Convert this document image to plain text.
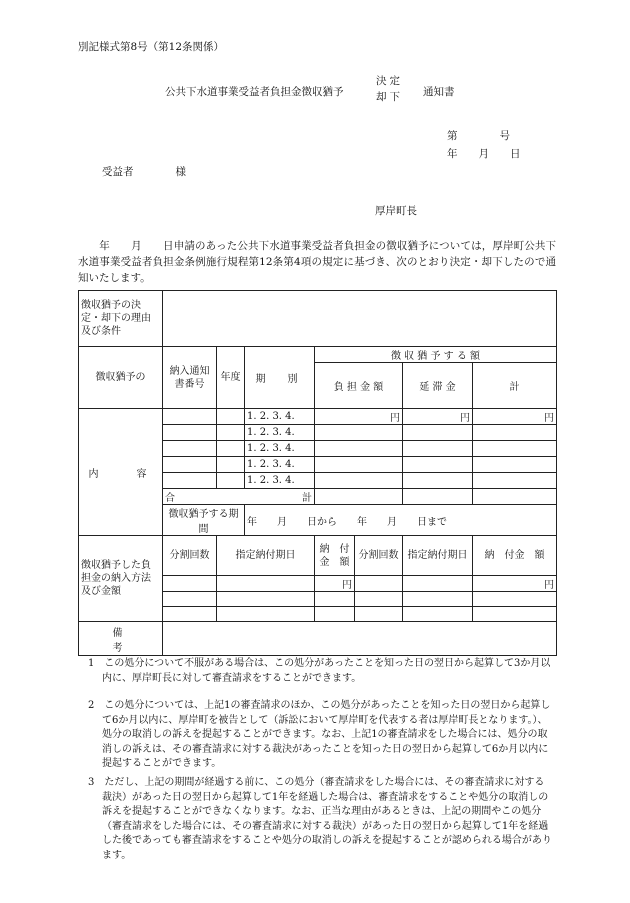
別記様式第8号（第12条関係）
公共下水道事業受益者負担金徴収猶予
決定
却下 通知書
第　　　　号
年　　月　　日
受益者　　　　様
厚岸町長
　　年　　月　　日申請のあった公共下水道事業受益者負担金の徴収猶予については，厚岸町公共下水道事業受益者負担金条例施行規程第12条第4項の規定に基づき、次のとおり決定・却下したので通知いたします。
徴収猶予の決定・却下の理由及び条件							
徴収猶予の	納入通知書番号	年度	期　別	徴 収 猶 予 す る 額			
				負 担 金 額		延 滞 金	計
内　　容			1. 2. 3. 4.	円		円	円
			1. 2. 3. 4.				
			1. 2. 3. 4.				
			1. 2. 3. 4.				
			1. 2. 3. 4.				
	合 計						

	徴収猶予する期間		年　　月　　日から　　年　　月　　日まで				
徴収猶予した負担金の納入方法及び金額	分割回数	指定納付期日		納　付金　額	分割回数	指定納付期日	納　付金　額
				円			円

備　　　考							
1　この処分について不服がある場合は、この処分があったことを知った日の翌日から起算して3か月以内に、厚岸町長に対して審査請求をすることができます。
2　この処分については、上記1の審査請求のほか、この処分があったことを知った日の翌日から起算して6か月以内に、厚岸町を被告として（訴訟において厚岸町を代表する者は厚岸町長となります。）、処分の取消しの訴えを提起することができます。なお、上記1の審査請求をした場合には、処分の取消しの訴えは、その審査請求に対する裁決があったことを知った日の翌日から起算して6か月以内に提起することができます。
3　ただし、上記の期間が経過する前に、この処分（審査請求をした場合には、その審査請求に対する裁決）があった日の翌日から起算して1年を経過した場合は、審査請求をすることや処分の取消しの訴えを提起することができなくなります。なお、正当な理由があるときは、上記の期間やこの処分（審査請求をした場合には、その審査請求に対する裁決）があった日の翌日から起算して1年を経過した後であっても審査請求をすることや処分の取消しの訴えを提起することが認められる場合があります。
